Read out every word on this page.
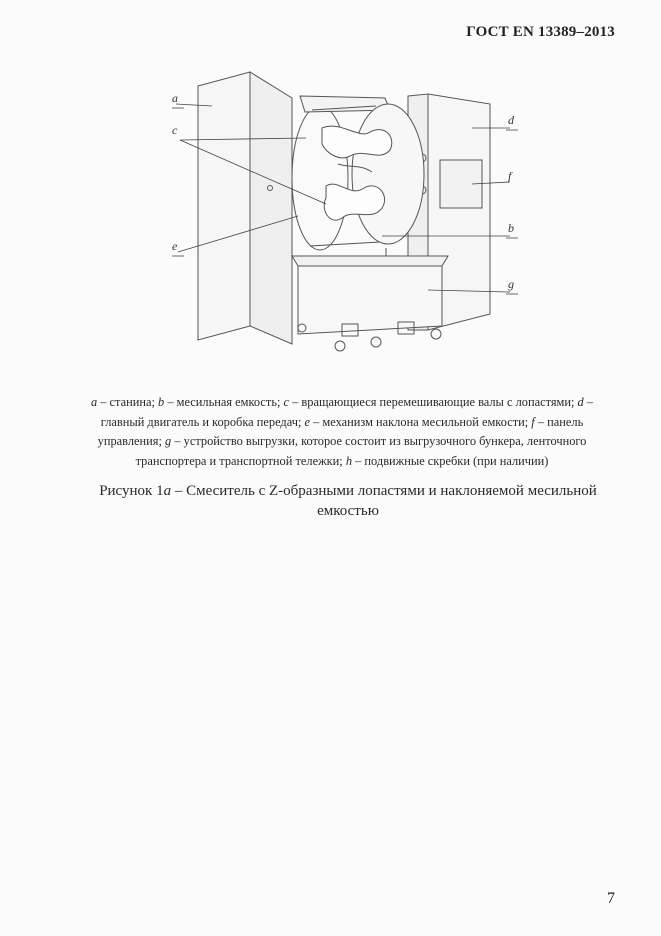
ГОСТ EN 13389–2013
a
c
d
f
b
e
g
a – станина; b – месильная емкость; c – вращающиеся перемешивающие валы с лопастями; d – главный двигатель и коробка передач; e – механизм наклона месильной емкости; f – панель управления; g – устройство выгрузки, которое состоит из выгрузочного бункера, ленточного транспортера и транспортной тележки; h – подвижные скребки (при наличии)
Рисунок 1a – Смеситель с Z-образными лопастями и наклоняемой месильной емкостью
7
